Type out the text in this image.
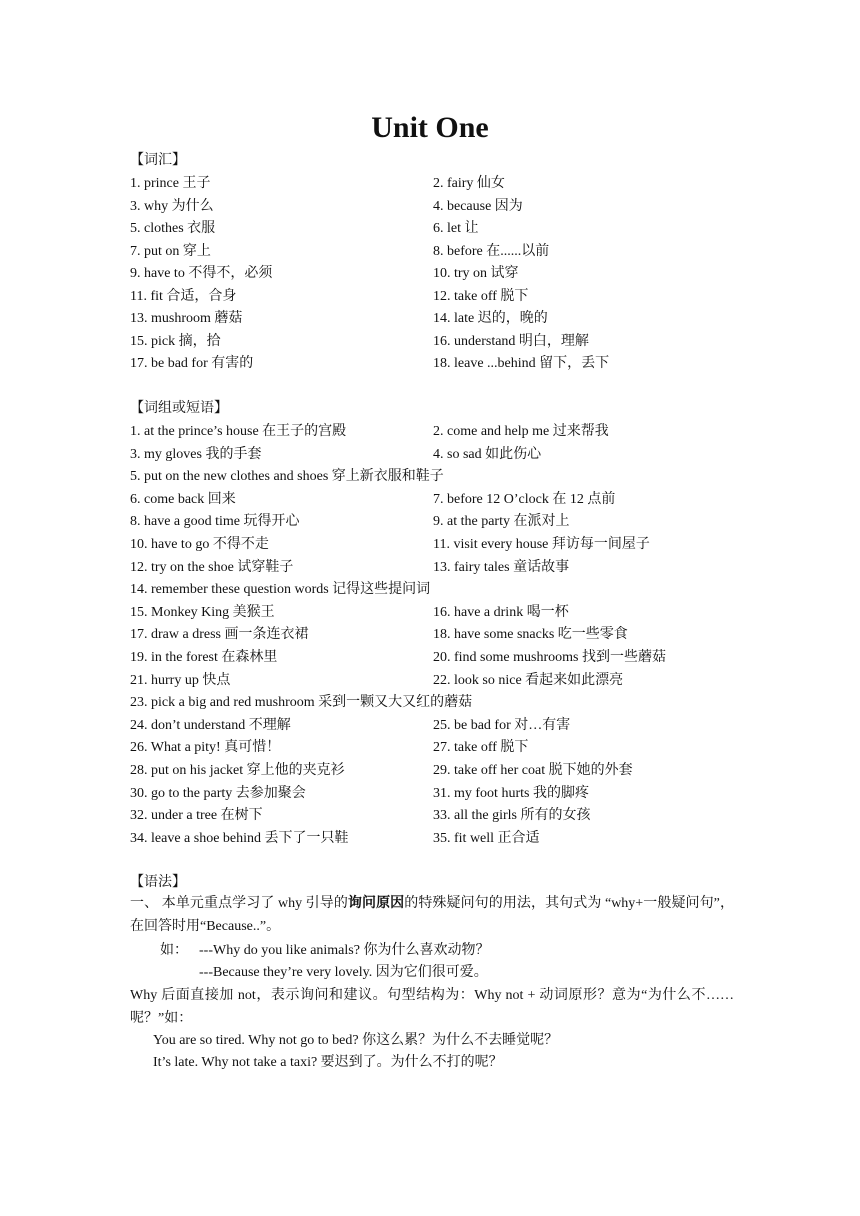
Unit One
【词汇】
1. prince 王子	2. fairy 仙女
3. why 为什么	4. because 因为
5. clothes 衣服	6. let 让
7. put on 穿上	8. before 在......以前
9. have to 不得不，必须	10. try on 试穿
11. fit 合适，合身	12. take off 脱下
13. mushroom 蘑菇	14. late 迟的，晚的
15. pick 摘，拾	16. understand 明白，理解
17. be bad for 有害的	18. leave ...behind 留下，丢下
【词组或短语】
1. at the prince’s house 在王子的宫殿	2. come and help me 过来帮我
3. my gloves 我的手套	4. so sad 如此伤心
5. put on the new clothes and shoes 穿上新衣服和鞋子
6. come back 回来	7. before 12 O’clock 在 12 点前
8. have a good time 玩得开心	9. at the party 在派对上
10. have to go 不得不走	11. visit every house 拜访每一间屋子
12. try on the shoe 试穿鞋子	13. fairy tales 童话故事
14. remember these question words 记得这些提问词
15. Monkey King 美猴王	16. have a drink 喝一杯
17. draw a dress 画一条连衣裙	18. have some snacks 吃一些零食
19. in the forest 在森林里	20. find some mushrooms 找到一些蘑菇
21. hurry up 快点	22. look so nice 看起来如此漂亮
23. pick a big and red mushroom 采到一颗又大又红的蘑菇
24. don’t understand 不理解	25. be bad for 对…有害
26. What a pity! 真可惜！	27. take off 脱下
28. put on his jacket 穿上他的夹克衫	29. take off her coat 脱下她的外套
30. go to the party 去参加聚会	31. my foot hurts 我的脚疼
32. under a tree 在树下	33. all the girls 所有的女孩
34. leave a shoe behind 丢下了一只鞋	35. fit well 正合适
【语法】
一、 本单元重点学习了 why 引导的询问原因的特殊疑问句的用法，其句式为 “why+一般疑问句”，在回答时用“Because..”。
如： ---Why do you like animals? 你为什么喜欢动物？
---Because they’re very lovely. 因为它们很可爱。
Why 后面直接加 not，表示询问和建议。句型结构为：Why not + 动词原形？意为“为什么不……呢？”如：
You are so tired. Why not go to bed? 你这么累？为什么不去睡觉呢？
It’s late. Why not take a taxi? 要迟到了。为什么不打的呢？
